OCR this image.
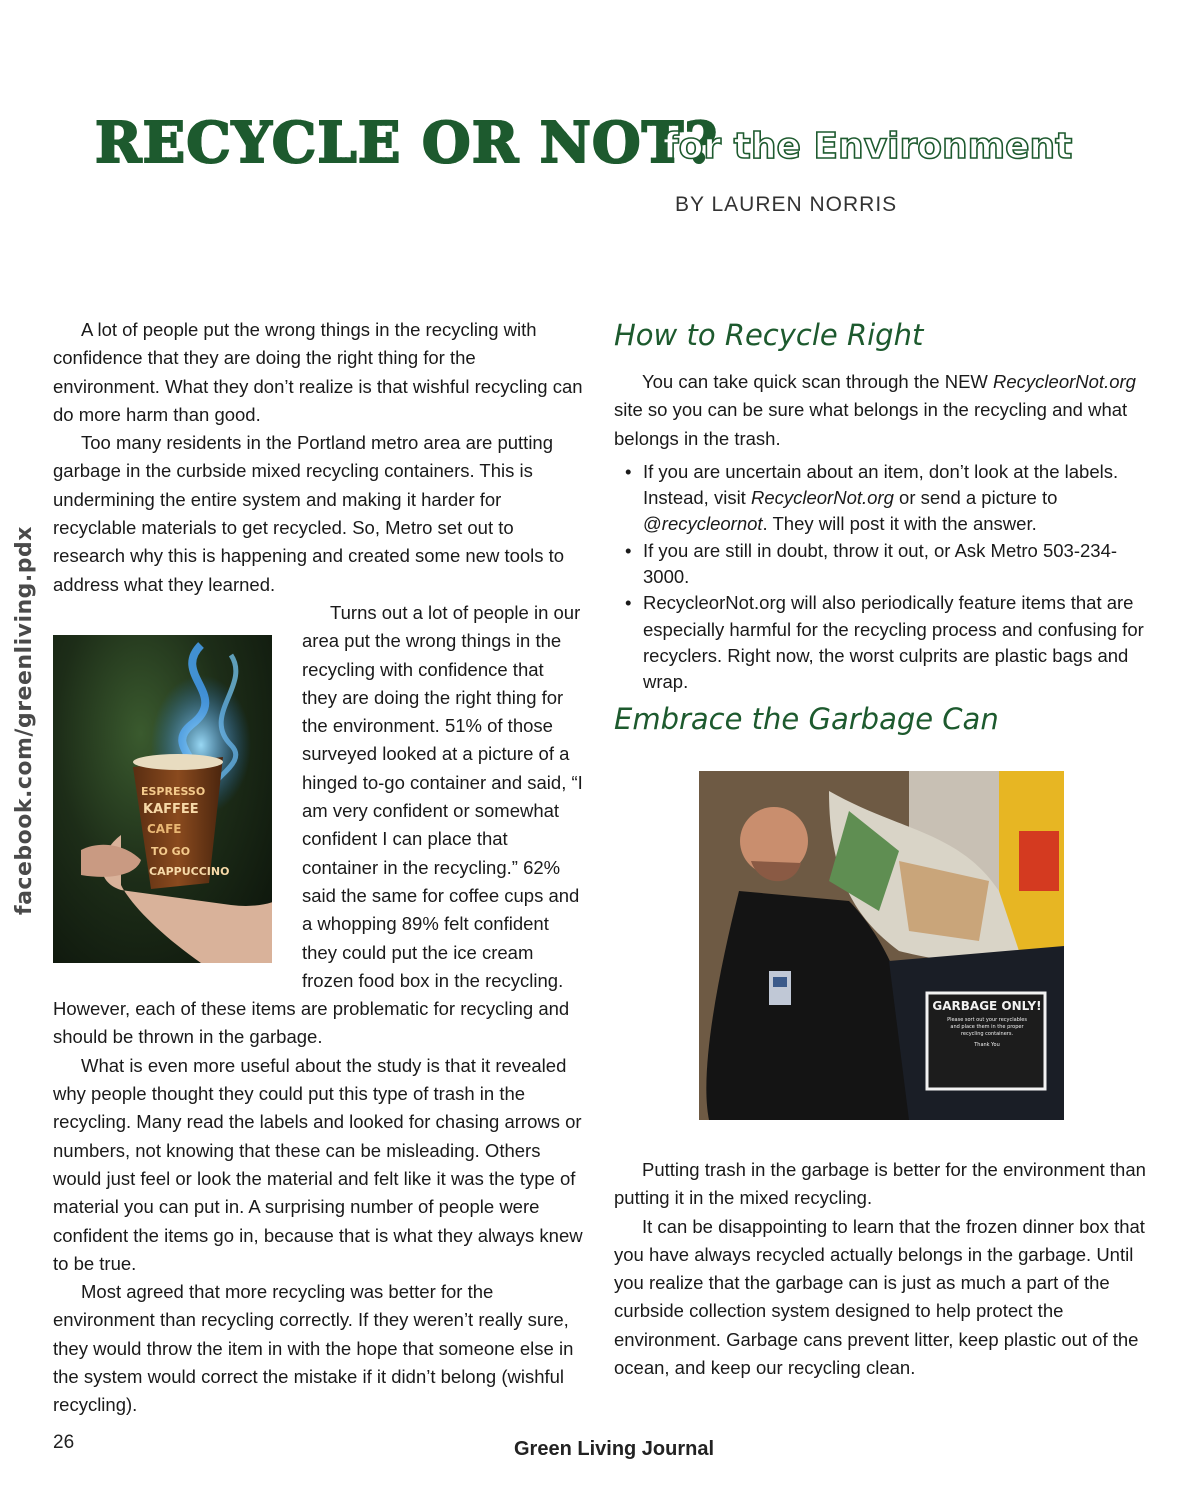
RECYCLE OR NOT?
for the Environment
BY LAUREN NORRIS
facebook.com/greenliving.pdx

A lot of people put the wrong things in the recycling with confidence that they are doing the right thing for the environment. What they don’t realize is that wishful recycling can do more harm than good.

Too many residents in the Portland metro area are putting garbage in the curbside mixed recycling containers. This is undermining the entire system and making it harder for recyclable materials to get recycled. So, Metro set out to research why this is happening and created some new tools to address what they learned.

ESPRESSO
KAFFEE
CAFE
TO GO
CAPPUCCINO
Turns out a lot of people in our area put the wrong things in the recycling with confidence that they are doing the right thing for the environment. 51% of those surveyed looked at a picture of a hinged to-go container and said, “I am very confident or somewhat confident I can place that container in the recycling.” 62% said the same for coffee cups and a whopping 89% felt confident they could put the ice cream frozen food box in the recycling. However, each of these items are problematic for recycling and should be thrown in the garbage.

What is even more useful about the study is that it revealed why people thought they could put this type of trash in the recycling. Many read the labels and looked for chasing arrows or numbers, not knowing that these can be misleading. Others would just feel or look the material and felt like it was the type of material you can put in. A surprising number of people were confident the items go in, because that is what they always knew to be true.

Most agreed that more recycling was better for the environment than recycling correctly. If they weren’t really sure, they would throw the item in with the hope that someone else in the system would correct the mistake if it didn’t belong (wishful recycling).

How to Recycle Right

You can take quick scan through the NEW RecycleorNot.org site so you can be sure what belongs in the recycling and what belongs in the trash.

• If you are uncertain about an item, don’t look at the labels. Instead, visit RecycleorNot.org or send a picture to @recycleornot. They will post it with the answer.
• If you are still in doubt, throw it out, or Ask Metro 503-234-3000.
• RecycleorNot.org will also periodically feature items that are especially harmful for the recycling process and confusing for recyclers. Right now, the worst culprits are plastic bags and wrap.
Embrace the Garbage Can
GARBAGE ONLY!
Please sort out your recyclables and place them in the proper recycling containers.
Thank You

Putting trash in the garbage is better for the environment than putting it in the mixed recycling.

It can be disappointing to learn that the frozen dinner box that you have always recycled actually belongs in the garbage. Until you realize that the garbage can is just as much a part of the curbside collection system designed to help protect the environment. Garbage cans prevent litter, keep plastic out of the ocean, and keep our recycling clean.

26	Green Living Journal
